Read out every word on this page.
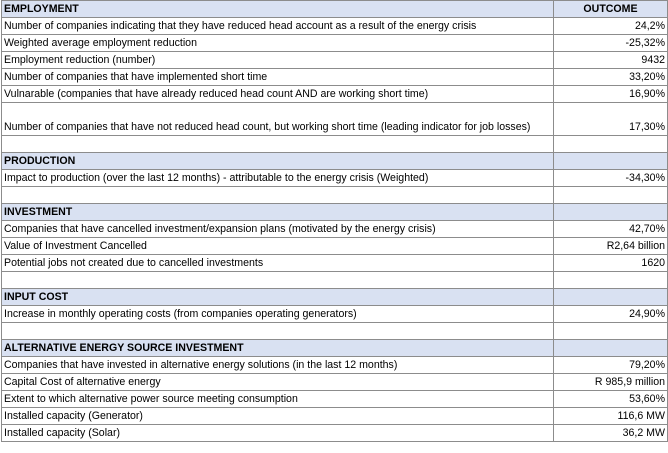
EMPLOYMENT	OUTCOME
Number of companies indicating that they have reduced head account as a result of the energy crisis	24,2%
Weighted average employment reduction	-25,32%
Employment reduction (number)	9432
Number of companies that have implemented short time	33,20%
Vulnarable (companies that have already reduced head count AND are working short time)	16,90%
Number of companies that have not reduced head count, but working short time (leading indicator for job losses)	17,30%

PRODUCTION	
Impact to production (over the last 12 months) - attributable to the energy crisis (Weighted)	-34,30%

INVESTMENT	
Companies that have cancelled investment/expansion plans (motivated by the energy crisis)	42,70%
Value of Investment Cancelled	R2,64 billion
Potential jobs not created due to cancelled investments	1620

INPUT COST	
Increase in monthly operating costs (from companies operating generators)	24,90%

ALTERNATIVE ENERGY SOURCE INVESTMENT	
Companies that have invested in alternative energy solutions (in the last 12 months)	79,20%
Capital Cost of alternative energy	R 985,9 million
Extent to which alternative power source meeting consumption	53,60%
Installed capacity (Generator)	116,6 MW
Installed capacity (Solar)	36,2 MW
